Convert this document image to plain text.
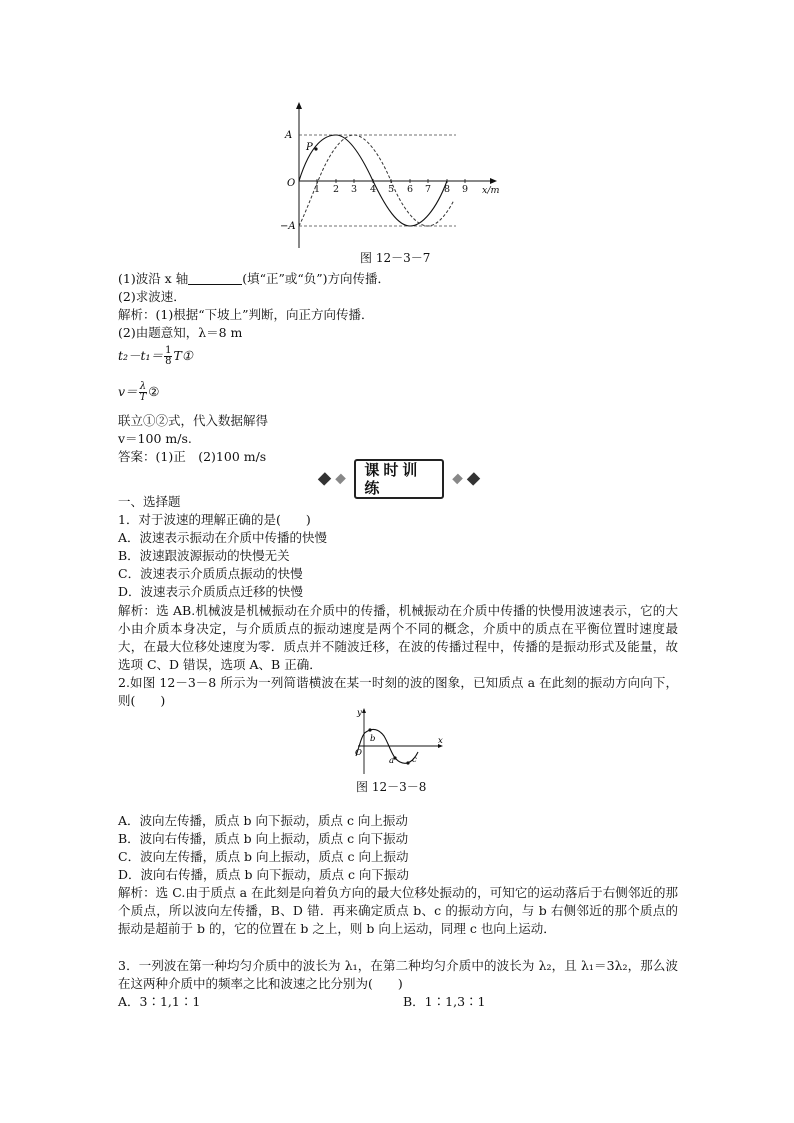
1 2 3 4 5 6 7 8 9 x/m
A
−A
O
P
图 12－3－7
(1)波沿 x 轴	(填“正”或“负”)方向传播．
(2)求波速．
解析：(1)根据“下坡上”判断，向正方向传播．
(2)由题意知，λ＝8 m
$t_2-t_1= \frac{1}{8}$ T①
$v= \frac{\lambda}{T}$ ②
联立①②式，代入数据解得
v＝100 m/s.
答案：(1)正　(2)100 m/s
课时训练
一、选择题
1．对于波速的理解正确的是(　　)
A．波速表示振动在介质中传播的快慢
B．波速跟波源振动的快慢无关
C．波速表示介质质点振动的快慢
D．波速表示介质质点迁移的快慢
解析：选 AB.机械波是机械振动在介质中的传播，机械振动在介质中传播的快慢用波速表示，它的大小由介质本身决定，与介质质点的振动速度是两个不同的概念，介质中的质点在平衡位置时速度最大，在最大位移处速度为零．质点并不随波迁移，在波的传播过程中，传播的是振动形式及能量，故选项 C、D 错误，选项 A、B 正确．
2.如图 12－3－8 所示为一列简谐横波在某一时刻的波的图象，已知质点 a 在此刻的振动方向向下，则(　　)
y
x
O
b
a c
图 12－3－8
A．波向左传播，质点 b 向下振动，质点 c 向上振动
B．波向右传播，质点 b 向上振动，质点 c 向下振动
C．波向左传播，质点 b 向上振动，质点 c 向上振动
D．波向右传播，质点 b 向下振动，质点 c 向下振动
解析：选 C.由于质点 a 在此刻是向着负方向的最大位移处振动的，可知它的运动落后于右侧邻近的那个质点，所以波向左传播，B、D 错．再来确定质点 b、c 的振动方向，与 b 右侧邻近的那个质点的振动是超前于 b 的，它的位置在 b 之上，则 b 向上运动，同理 c 也向上运动．
3．一列波在第一种均匀介质中的波长为 λ₁，在第二种均匀介质中的波长为 λ₂，且 λ₁＝3λ₂，那么波在这两种介质中的频率之比和波速之比分别为(　　)
A．3∶1,1∶1	B．1∶1,3∶1
